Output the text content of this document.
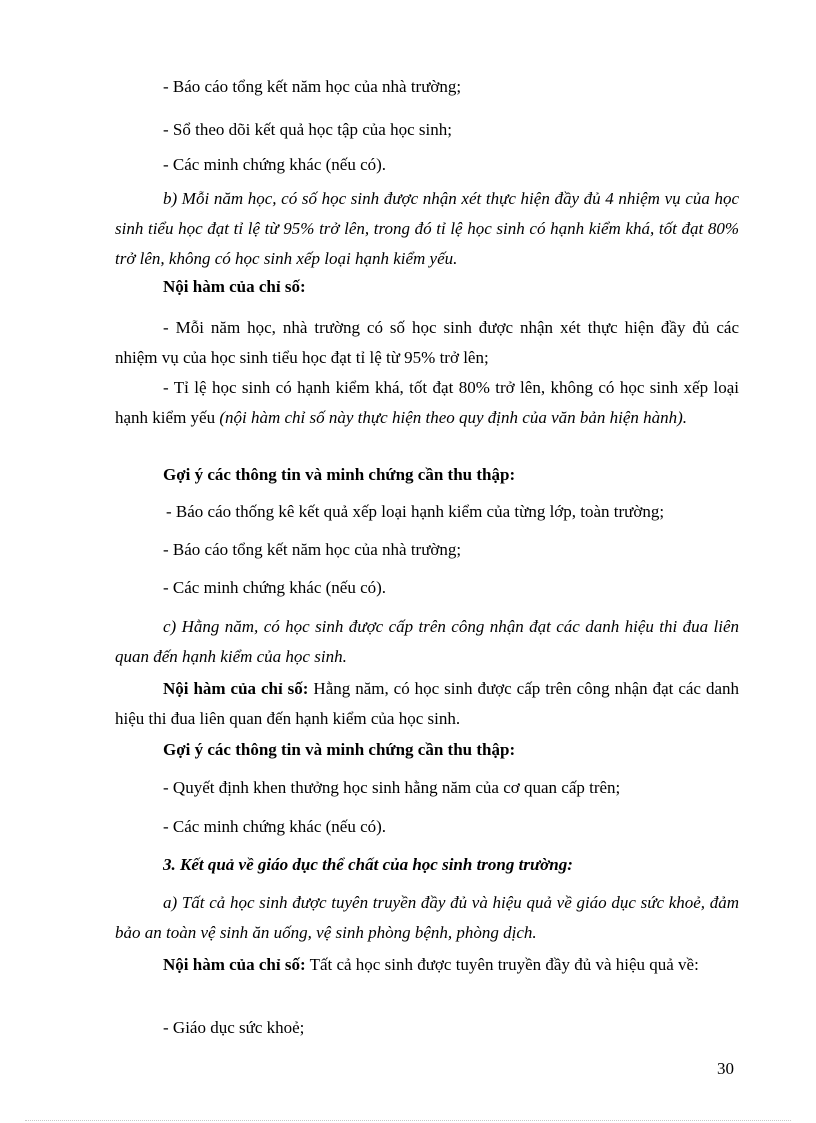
- Báo cáo tổng kết năm học của nhà trường;

- Sổ theo dõi kết quả học tập của học sinh;

- Các minh chứng khác (nếu có).

b) Mỗi năm học, có số học sinh được nhận xét thực hiện đầy đủ 4 nhiệm vụ của học sinh tiểu học đạt tỉ lệ từ 95% trở lên, trong đó tỉ lệ học sinh có hạnh kiểm khá, tốt đạt 80% trở lên, không có học sinh xếp loại hạnh kiểm yếu.

Nội hàm của chỉ số:

- Mỗi năm học, nhà trường có số học sinh được nhận xét thực hiện đầy đủ các nhiệm vụ của học sinh tiểu học đạt tỉ lệ từ 95% trở lên;

- Tỉ lệ học sinh có hạnh kiểm khá, tốt đạt 80% trở lên, không có học sinh xếp loại hạnh kiểm yếu (nội hàm chỉ số này thực hiện theo quy định của văn bản hiện hành).

Gợi ý các thông tin và minh chứng cần thu thập:

- Báo cáo thống kê kết quả xếp loại hạnh kiểm của từng lớp, toàn trường;

- Báo cáo tổng kết năm học của nhà trường;

- Các minh chứng khác (nếu có).

c) Hằng năm, có học sinh được cấp trên công nhận đạt các danh hiệu thi đua liên quan đến hạnh kiểm của học sinh.

Nội hàm của chỉ số: Hằng năm, có học sinh được cấp trên công nhận đạt các danh hiệu thi đua liên quan đến hạnh kiểm của học sinh.

Gợi ý các thông tin và minh chứng cần thu thập:

- Quyết định khen thưởng học sinh hằng năm của cơ quan cấp trên;

- Các minh chứng khác (nếu có).

3. Kết quả về giáo dục thể chất của học sinh trong trường:

a) Tất cả học sinh được tuyên truyền đầy đủ và hiệu quả về giáo dục sức khoẻ, đảm bảo an toàn vệ sinh ăn uống, vệ sinh phòng bệnh, phòng dịch.

Nội hàm của chỉ số: Tất cả học sinh được tuyên truyền đầy đủ và hiệu quả về:

- Giáo dục sức khoẻ;

30
